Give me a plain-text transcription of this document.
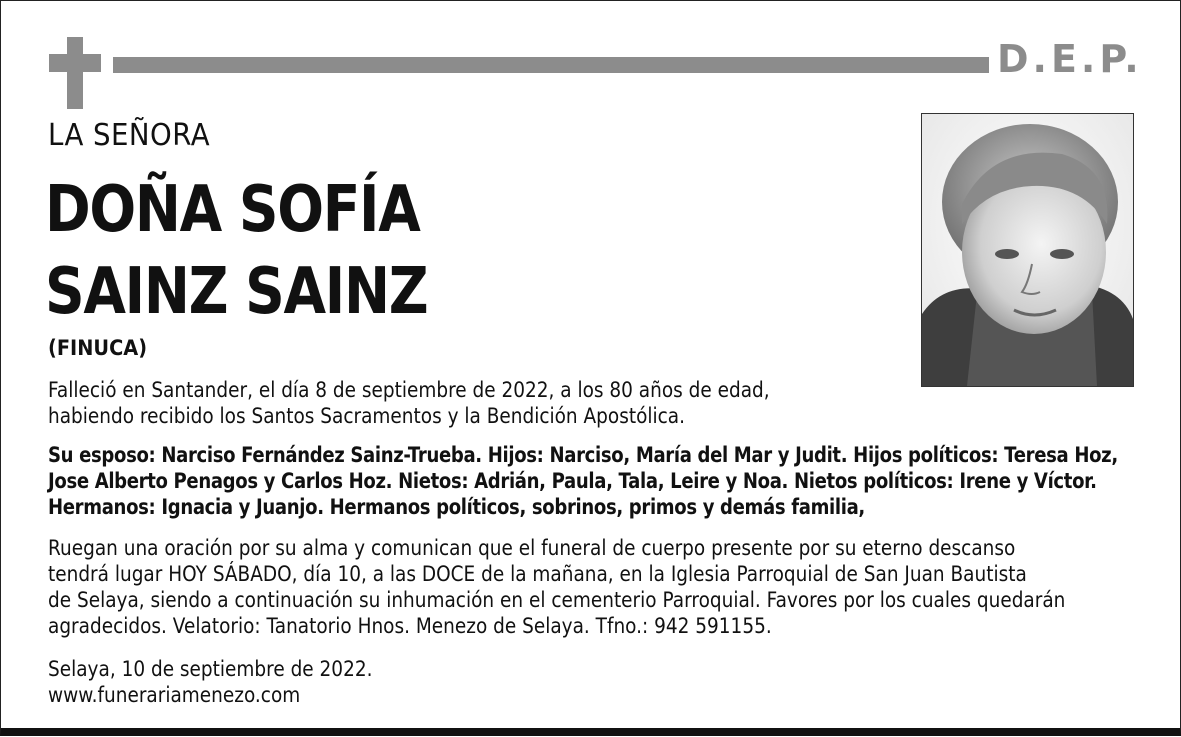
D.E.P.
LA SEÑORA
DOÑA SOFÍA
SAINZ SAINZ
(FINUCA)
Falleció en Santander, el día 8 de septiembre de 2022, a los 80 años de edad,
habiendo recibido los Santos Sacramentos y la Bendición Apostólica.
Su esposo: Narciso Fernández Sainz-Trueba. Hijos: Narciso, María del Mar y Judit. Hijos políticos: Teresa Hoz,
Jose Alberto Penagos y Carlos Hoz. Nietos: Adrián, Paula, Tala, Leire y Noa. Nietos políticos: Irene y Víctor.
Hermanos: Ignacia y Juanjo. Hermanos políticos, sobrinos, primos y demás familia,
Ruegan una oración por su alma y comunican que el funeral de cuerpo presente por su eterno descanso
tendrá lugar HOY SÁBADO, día 10, a las DOCE de la mañana, en la Iglesia Parroquial de San Juan Bautista
de Selaya, siendo a continuación su inhumación en el cementerio Parroquial. Favores por los cuales quedarán
agradecidos. Velatorio: Tanatorio Hnos. Menezo de Selaya. Tfno.: 942 591155.
Selaya, 10 de septiembre de 2022.
www.funerariamenezo.com
